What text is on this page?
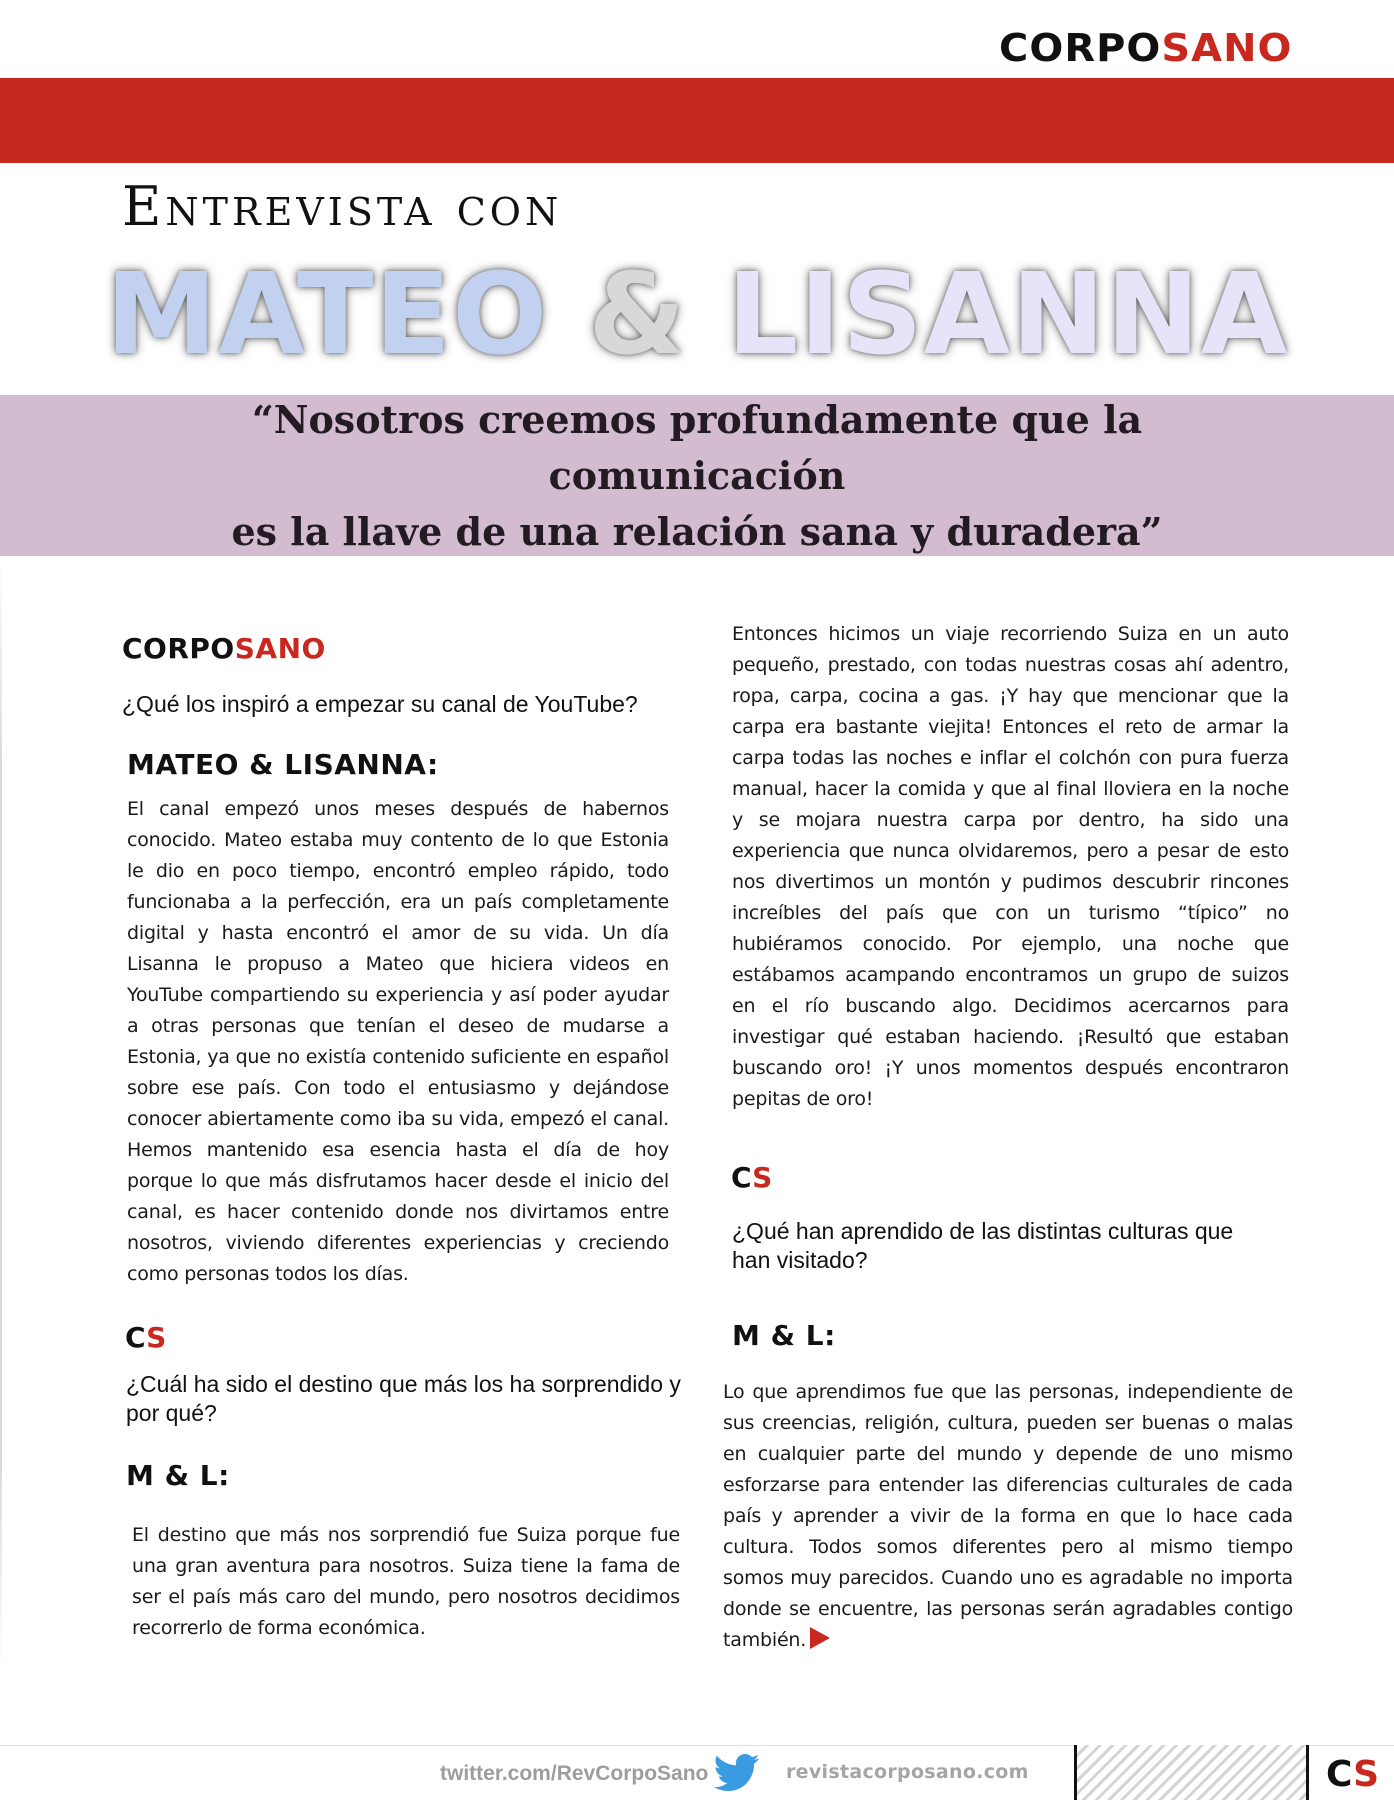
CORPOSANO
Entrevista con
MATEO & LISANNA
“Nosotros creemos profundamente que la comunicación
es la llave de una relación sana y duradera”
CORPOSANO
¿Qué los inspiró a empezar su canal de YouTube?
MATEO & LISANNA:
El canal empezó unos meses después de habernos conocido. Mateo estaba muy contento de lo que Estonia le dio en poco tiempo, encontró empleo rápido, todo funcionaba a la perfección, era un país completamente digital y hasta encontró el amor de su vida. Un día Lisanna le propuso a Mateo que hiciera videos en YouTube compartiendo su experiencia y así poder ayudar a otras personas que tenían el deseo de mudarse a Estonia, ya que no existía contenido suficiente en español sobre ese país. Con todo el entusiasmo y dejándose conocer abiertamente como iba su vida, empezó el canal. Hemos mantenido esa esencia hasta el día de hoy porque lo que más disfrutamos hacer desde el inicio del canal, es hacer contenido donde nos divirtamos entre nosotros, viviendo diferentes experiencias y creciendo como personas todos los días.
CS
¿Cuál ha sido el destino que más los ha sorprendido y por qué?
M & L:
El destino que más nos sorprendió fue Suiza porque fue una gran aventura para nosotros. Suiza tiene la fama de ser el país más caro del mundo, pero nosotros decidimos recorrerlo de forma económica.
Entonces hicimos un viaje recorriendo Suiza en un auto pequeño, prestado, con todas nuestras cosas ahí adentro, ropa, carpa, cocina a gas. ¡Y hay que mencionar que la carpa era bastante viejita! Entonces el reto de armar la carpa todas las noches e inflar el colchón con pura fuerza manual, hacer la comida y que al final lloviera en la noche y se mojara nuestra carpa por dentro, ha sido una experiencia que nunca olvidaremos, pero a pesar de esto nos divertimos un montón y pudimos descubrir rincones increíbles del país que con un turismo “típico” no hubiéramos conocido. Por ejemplo, una noche que estábamos acampando encontramos un grupo de suizos en el río buscando algo. Decidimos acercarnos para investigar qué estaban haciendo. ¡Resultó que estaban buscando oro! ¡Y unos momentos después encontraron pepitas de oro!
CS
¿Qué han aprendido de las distintas culturas que han visitado?
M & L:
Lo que aprendimos fue que las personas, independiente de sus creencias, religión, cultura, pueden ser buenas o malas en cualquier parte del mundo y depende de uno mismo esforzarse para entender las diferencias culturales de cada país y aprender a vivir de la forma en que lo hace cada cultura. Todos somos diferentes pero al mismo tiempo somos muy parecidos. Cuando uno es agradable no importa donde se encuentre, las personas serán agradables contigo también.
twitter.com/RevCorpoSano	revistacorposano.com	CS
